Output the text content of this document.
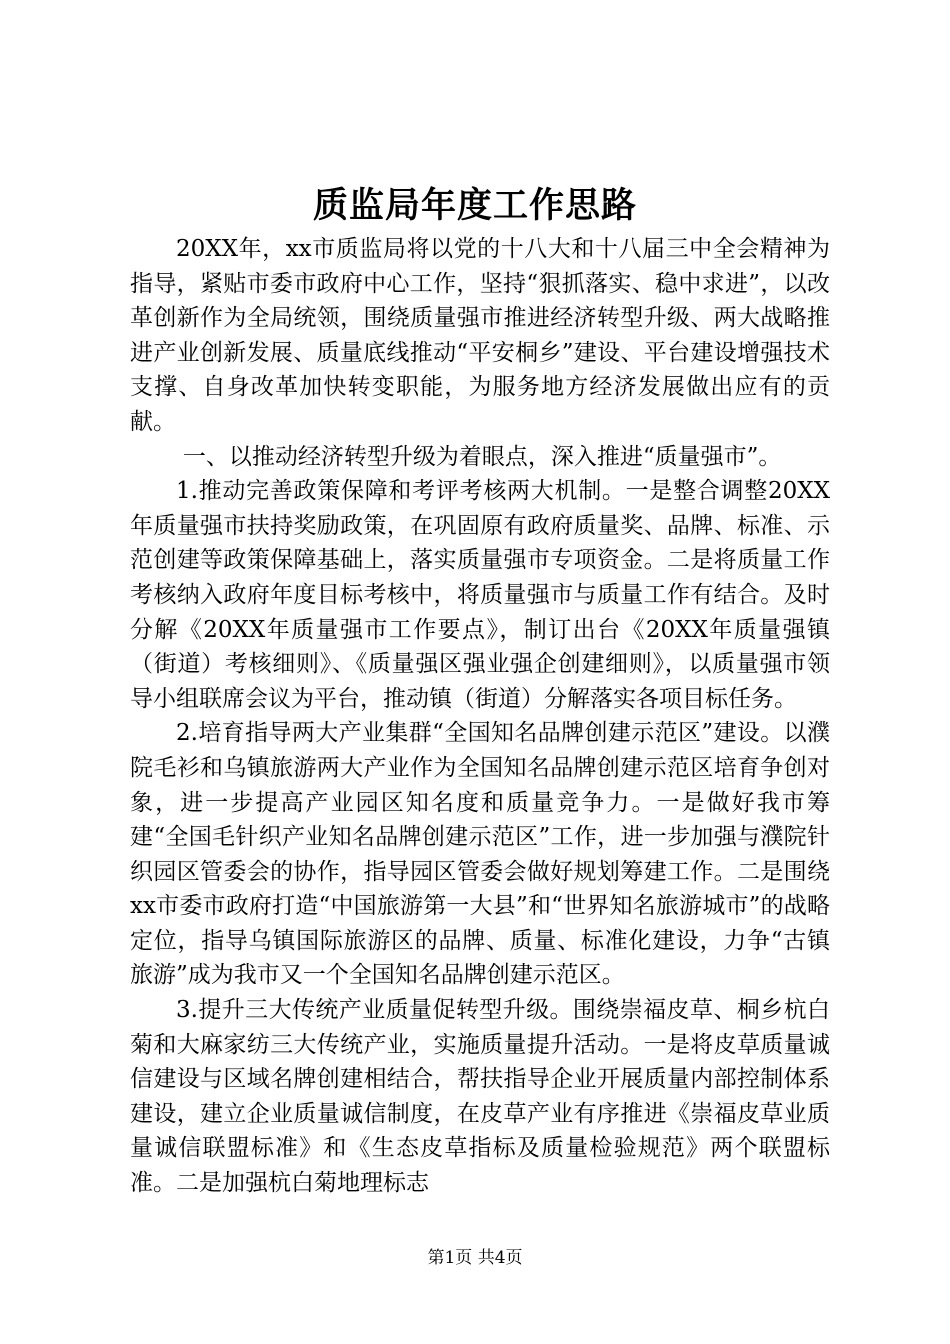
质监局年度工作思路

20XX年，xx市质监局将以党的十八大和十八届三中全会精神为指导，紧贴市委市政府中心工作，坚持“狠抓落实、稳中求进”，以改革创新作为全局统领，围绕质量强市推进经济转型升级、两大战略推进产业创新发展、质量底线推动“平安桐乡”建设、平台建设增强技术支撑、自身改革加快转变职能，为服务地方经济发展做出应有的贡献。

一、以推动经济转型升级为着眼点，深入推进“质量强市”。

1.推动完善政策保障和考评考核两大机制。一是整合调整20XX年质量强市扶持奖励政策，在巩固原有政府质量奖、品牌、标准、示范创建等政策保障基础上，落实质量强市专项资金。二是将质量工作考核纳入政府年度目标考核中，将质量强市与质量工作有结合。及时分解《20XX年质量强市工作要点》，制订出台《20XX年质量强镇（街道）考核细则》、《质量强区强业强企创建细则》，以质量强市领导小组联席会议为平台，推动镇（街道）分解落实各项目标任务。

2.培育指导两大产业集群“全国知名品牌创建示范区”建设。以濮院毛衫和乌镇旅游两大产业作为全国知名品牌创建示范区培育争创对象，进一步提高产业园区知名度和质量竞争力。一是做好我市筹建“全国毛针织产业知名品牌创建示范区”工作，进一步加强与濮院针织园区管委会的协作，指导园区管委会做好规划筹建工作。二是围绕xx市委市政府打造“中国旅游第一大县”和“世界知名旅游城市”的战略定位，指导乌镇国际旅游区的品牌、质量、标准化建设，力争“古镇旅游”成为我市又一个全国知名品牌创建示范区。

3.提升三大传统产业质量促转型升级。围绕崇福皮草、桐乡杭白菊和大麻家纺三大传统产业，实施质量提升活动。一是将皮草质量诚信建设与区域名牌创建相结合，帮扶指导企业开展质量内部控制体系建设，建立企业质量诚信制度，在皮草产业有序推进《崇福皮草业质量诚信联盟标准》和《生态皮草指标及质量检验规范》两个联盟标准。二是加强杭白菊地理标志

第1页 共4页
